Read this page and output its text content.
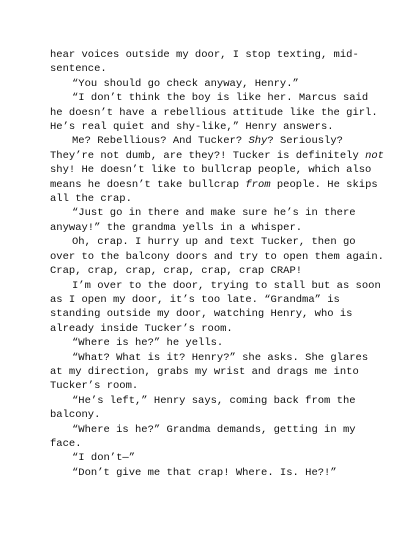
hear voices outside my door, I stop texting, mid-sentence.

“You should go check anyway, Henry.”

“I don’t think the boy is like her. Marcus said he doesn’t have a rebellious attitude like the girl. He’s real quiet and shy-like,” Henry answers.

Me? Rebellious? And Tucker? Shy? Seriously? They’re not dumb, are they?! Tucker is definitely not shy! He doesn’t like to bullcrap people, which also means he doesn’t take bullcrap from people. He skips all the crap.

“Just go in there and make sure he’s in there anyway!” the grandma yells in a whisper.

Oh, crap. I hurry up and text Tucker, then go over to the balcony doors and try to open them again. Crap, crap, crap, crap, crap, crap CRAP!

I’m over to the door, trying to stall but as soon as I open my door, it’s too late. “Grandma” is standing outside my door, watching Henry, who is already inside Tucker’s room.

“Where is he?” he yells.

“What? What is it? Henry?” she asks. She glares at my direction, grabs my wrist and drags me into Tucker’s room.

“He’s left,” Henry says, coming back from the balcony.

“Where is he?” Grandma demands, getting in my face.

“I don’t—”

“Don’t give me that crap! Where. Is. He?!”
